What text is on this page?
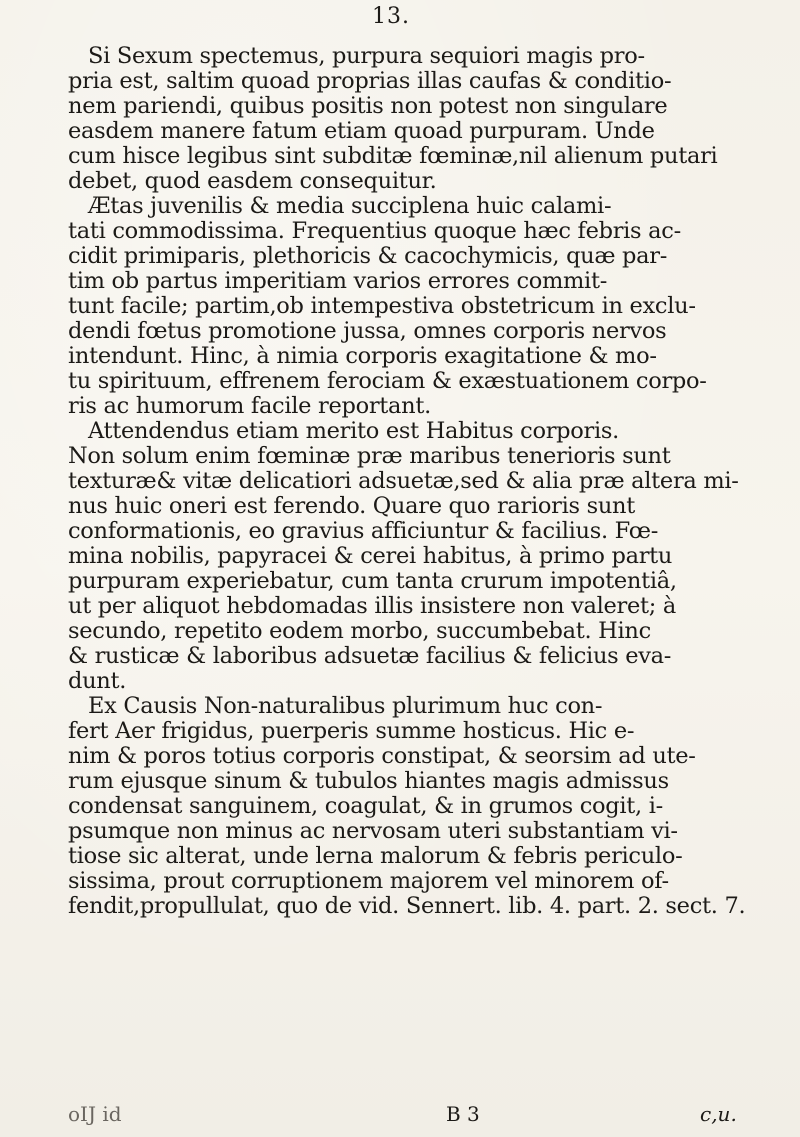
13.
Si Sexum spectemus, purpura sequiori magis pro-
pria est, saltim quoad proprias illas caufas & conditio-
nem pariendi, quibus positis non potest non singulare
easdem manere fatum etiam quoad purpuram. Unde
cum hisce legibus sint subditæ fœminæ,nil alienum putari
debet, quod easdem consequitur.
Ætas juvenilis & media succiplena huic calami-
tati commodissima. Frequentius quoque hæc febris ac-
cidit primiparis, plethoricis & cacochymicis, quæ par-
tim ob partus imperitiam varios errores commit-
tunt facile; partim,ob intempestiva obstetricum in exclu-
dendi fœtus promotione jussa, omnes corporis nervos
intendunt. Hinc, à nimia corporis exagitatione & mo-
tu spirituum, effrenem ferociam & exæstuationem corpo-
ris ac humorum facile reportant.
Attendendus etiam merito est Habitus corporis.
Non solum enim fœminæ præ maribus tenerioris sunt
texturæ& vitæ delicatiori adsuetæ,sed & alia præ altera mi-
nus huic oneri est ferendo. Quare quo rarioris sunt
conformationis, eo gravius afficiuntur & facilius. Fœ-
mina nobilis, papyracei & cerei habitus, à primo partu
purpuram experiebatur, cum tanta crurum impotentiâ,
ut per aliquot hebdomadas illis insistere non valeret; à
secundo, repetito eodem morbo, succumbebat. Hinc
& rusticæ & laboribus adsuetæ facilius & felicius eva-
dunt.
Ex Causis Non-naturalibus plurimum huc con-
fert Aer frigidus, puerperis summe hosticus. Hic e-
nim & poros totius corporis constipat, & seorsim ad ute-
rum ejusque sinum & tubulos hiantes magis admissus
condensat sanguinem, coagulat, & in grumos cogit, i-
psumque non minus ac nervosam uteri substantiam vi-
tiose sic alterat, unde lerna malorum & febris periculo-
sissima, prout corruptionem majorem vel minorem of-
fendit,propullulat, quo de vid. Sennert. lib. 4. part. 2. sect. 7.
oIJ id	B 3	c,u.
